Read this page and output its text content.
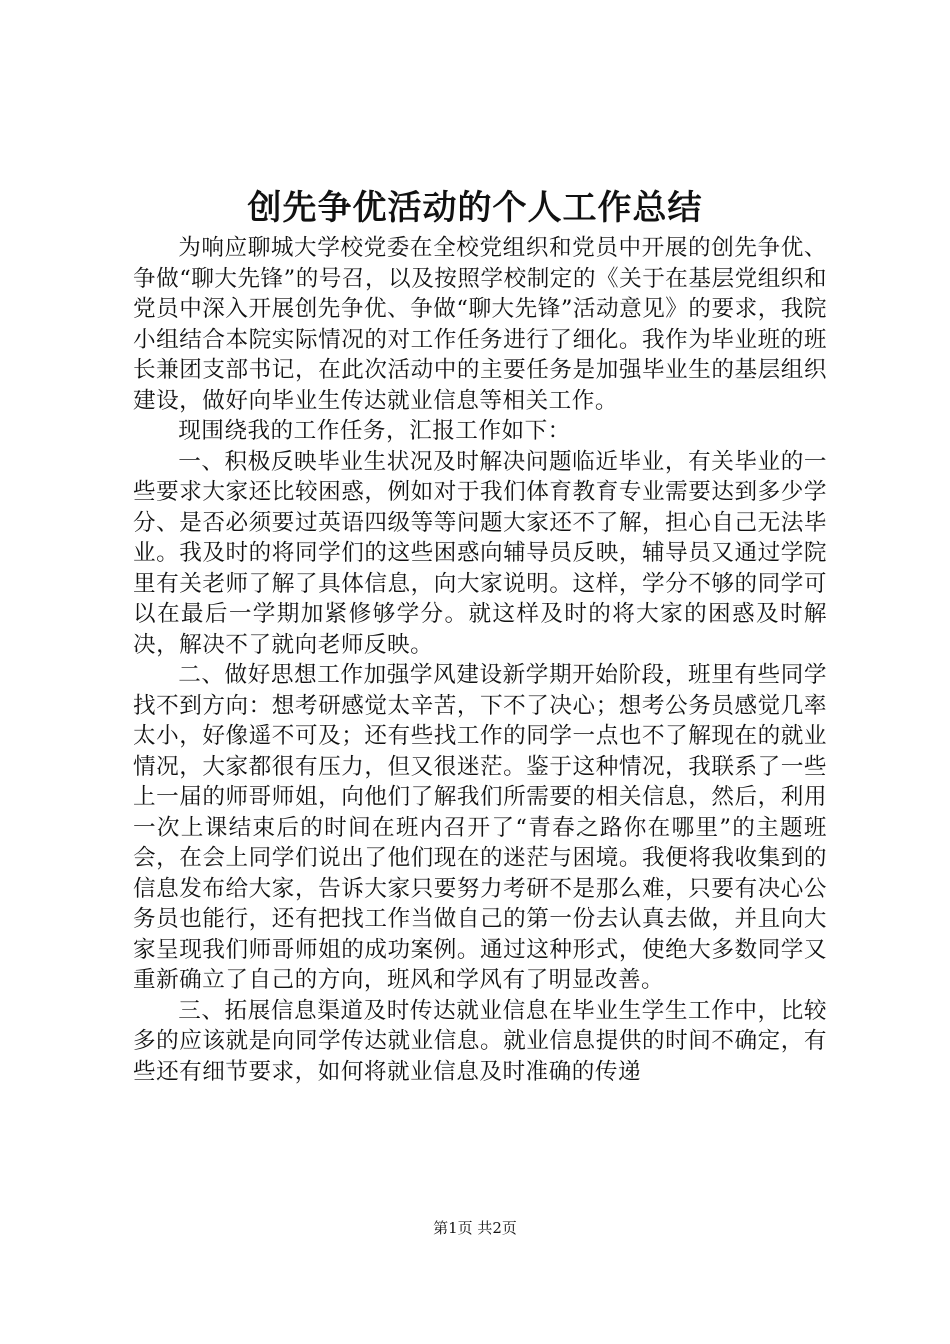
创先争优活动的个人工作总结

为响应聊城大学校党委在全校党组织和党员中开展的创先争优、争做“聊大先锋”的号召，以及按照学校制定的《关于在基层党组织和党员中深入开展创先争优、争做“聊大先锋”活动意见》的要求，我院小组结合本院实际情况的对工作任务进行了细化。我作为毕业班的班长兼团支部书记，在此次活动中的主要任务是加强毕业生的基层组织建设，做好向毕业生传达就业信息等相关工作。

现围绕我的工作任务，汇报工作如下：

一、积极反映毕业生状况及时解决问题临近毕业，有关毕业的一些要求大家还比较困惑，例如对于我们体育教育专业需要达到多少学分、是否必须要过英语四级等等问题大家还不了解，担心自己无法毕业。我及时的将同学们的这些困惑向辅导员反映，辅导员又通过学院里有关老师了解了具体信息，向大家说明。这样，学分不够的同学可以在最后一学期加紧修够学分。就这样及时的将大家的困惑及时解决，解决不了就向老师反映。

二、做好思想工作加强学风建设新学期开始阶段，班里有些同学找不到方向：想考研感觉太辛苦，下不了决心；想考公务员感觉几率太小，好像遥不可及；还有些找工作的同学一点也不了解现在的就业情况，大家都很有压力，但又很迷茫。鉴于这种情况，我联系了一些上一届的师哥师姐，向他们了解我们所需要的相关信息，然后，利用一次上课结束后的时间在班内召开了“青春之路你在哪里”的主题班会，在会上同学们说出了他们现在的迷茫与困境。我便将我收集到的信息发布给大家，告诉大家只要努力考研不是那么难，只要有决心公务员也能行，还有把找工作当做自己的第一份去认真去做，并且向大家呈现我们师哥师姐的成功案例。通过这种形式，使绝大多数同学又重新确立了自己的方向，班风和学风有了明显改善。

三、拓展信息渠道及时传达就业信息在毕业生学生工作中，比较多的应该就是向同学传达就业信息。就业信息提供的时间不确定，有些还有细节要求，如何将就业信息及时准确的传递

第1页 共2页
